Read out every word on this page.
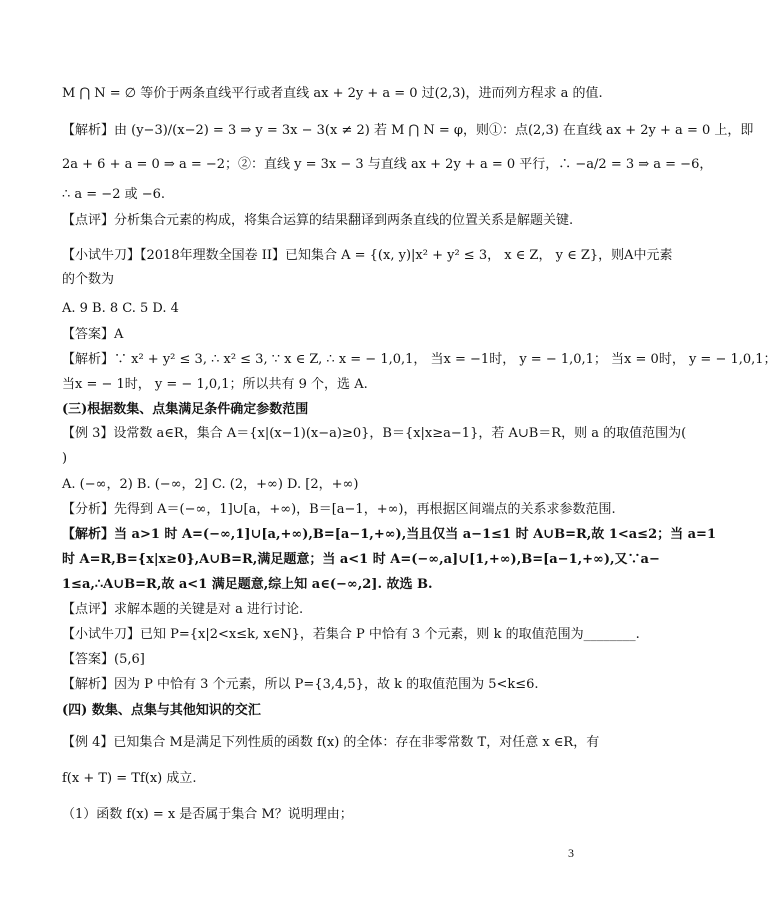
M ⋂ N = ∅ 等价于两条直线平行或者直线 ax + 2y + a = 0 过(2,3)，进而列方程求 a 的值.
【解析】由 (y−3)/(x−2) = 3 ⇒ y = 3x − 3(x ≠ 2) 若 M ⋂ N = φ，则①：点(2,3) 在直线 ax + 2y + a = 0 上，即
2a + 6 + a = 0 ⇒ a = −2；②：直线 y = 3x − 3 与直线 ax + 2y + a = 0 平行，∴ −a/2 = 3 ⇒ a = −6，
∴ a = −2 或 −6.
【点评】分析集合元素的构成，将集合运算的结果翻译到两条直线的位置关系是解题关键.
【小试牛刀】【2018年理数全国卷 II】已知集合 A = {(x, y)|x² + y² ≤ 3， x ∈ Z， y ∈ Z}，则A中元素
的个数为
A. 9 B. 8 C. 5 D. 4
【答案】A
【解析】∵ x² + y² ≤ 3, ∴ x² ≤ 3, ∵ x ∈ Z, ∴ x = − 1,0,1， 当x = −1时， y = − 1,0,1； 当x = 0时， y = − 1,0,1；
当x = − 1时， y = − 1,0,1；所以共有 9 个，选 A.
(三)根据数集、点集满足条件确定参数范围
【例 3】设常数 a∈R，集合 A＝{x|(x−1)(x−a)≥0}，B＝{x|x≥a−1}，若 A∪B＝R，则 a 的取值范围为(
)
A. (−∞，2) B. (−∞，2] C. (2，+∞) D. [2，+∞)
【分析】先得到 A＝(−∞，1]∪[a，+∞)，B＝[a−1，+∞)，再根据区间端点的关系求参数范围.
【解析】当 a>1 时 A=(−∞,1]∪[a,+∞),B=[a−1,+∞),当且仅当 a−1≤1 时 A∪B=R,故 1<a≤2；当 a=1
时 A=R,B={x|x≥0},A∪B=R,满足题意；当 a<1 时 A=(−∞,a]∪[1,+∞),B=[a−1,+∞),又∵a−
1≤a,∴A∪B=R,故 a<1 满足题意,综上知 a∈(−∞,2]. 故选 B.
【点评】求解本题的关键是对 a 进行讨论.
【小试牛刀】已知 P={x|2<x≤k, x∈N}，若集合 P 中恰有 3 个元素，则 k 的取值范围为________.
【答案】(5,6]
【解析】因为 P 中恰有 3 个元素，所以 P={3,4,5}，故 k 的取值范围为 5<k≤6.
(四) 数集、点集与其他知识的交汇
【例 4】已知集合 M是满足下列性质的函数 f(x) 的全体：存在非零常数 T，对任意 x ∈R，有
f(x + T) = Tf(x) 成立.
（1）函数 f(x) = x 是否属于集合 M？说明理由；
3
